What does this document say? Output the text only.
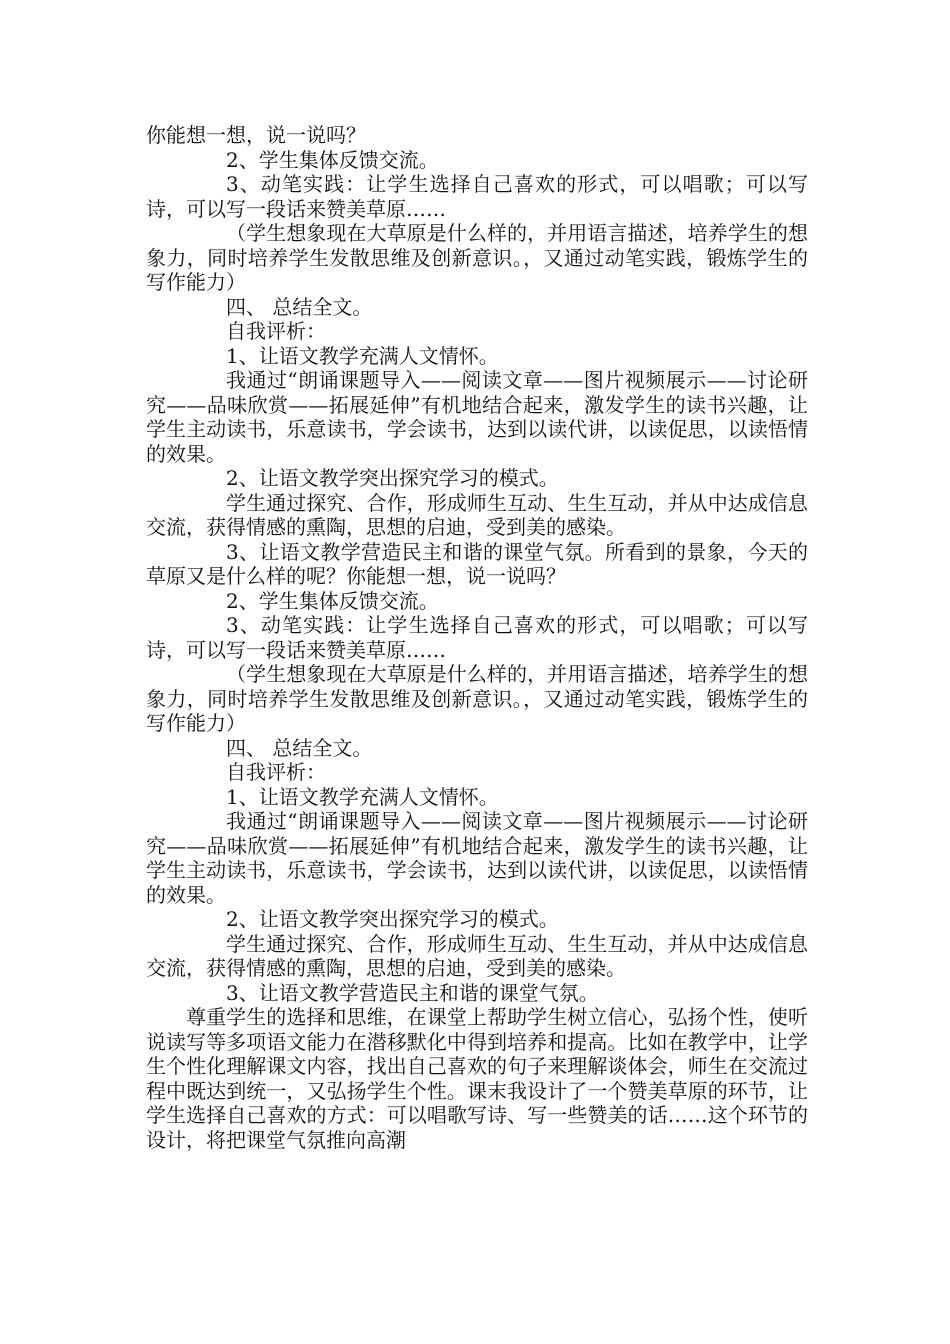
你能想一想，说一说吗？

2、学生集体反馈交流。

3、动笔实践：让学生选择自己喜欢的形式，可以唱歌；可以写诗，可以写一段话来赞美草原……

（学生想象现在大草原是什么样的，并用语言描述，培养学生的想象力，同时培养学生发散思维及创新意识。，又通过动笔实践，锻炼学生的写作能力）

四、 总结全文。

自我评析：

1、让语文教学充满人文情怀。

我通过“朗诵课题导入——阅读文章——图片视频展示——讨论研究——品味欣赏——拓展延伸”有机地结合起来，激发学生的读书兴趣，让学生主动读书，乐意读书，学会读书，达到以读代讲，以读促思，以读悟情的效果。

2、让语文教学突出探究学习的模式。

学生通过探究、合作，形成师生互动、生生互动，并从中达成信息交流，获得情感的熏陶，思想的启迪，受到美的感染。

3、让语文教学营造民主和谐的课堂气氛。所看到的景象，今天的草原又是什么样的呢？你能想一想，说一说吗？

2、学生集体反馈交流。

3、动笔实践：让学生选择自己喜欢的形式，可以唱歌；可以写诗，可以写一段话来赞美草原……

（学生想象现在大草原是什么样的，并用语言描述，培养学生的想象力，同时培养学生发散思维及创新意识。，又通过动笔实践，锻炼学生的写作能力）

四、 总结全文。

自我评析：

1、让语文教学充满人文情怀。

我通过“朗诵课题导入——阅读文章——图片视频展示——讨论研究——品味欣赏——拓展延伸”有机地结合起来，激发学生的读书兴趣，让学生主动读书，乐意读书，学会读书，达到以读代讲，以读促思，以读悟情的效果。

2、让语文教学突出探究学习的模式。

学生通过探究、合作，形成师生互动、生生互动，并从中达成信息交流，获得情感的熏陶，思想的启迪，受到美的感染。

3、让语文教学营造民主和谐的课堂气氛。

尊重学生的选择和思维，在课堂上帮助学生树立信心，弘扬个性，使听说读写等多项语文能力在潜移默化中得到培养和提高。比如在教学中，让学生个性化理解课文内容，找出自己喜欢的句子来理解谈体会，师生在交流过程中既达到统一，又弘扬学生个性。课末我设计了一个赞美草原的环节，让学生选择自己喜欢的方式：可以唱歌写诗、写一些赞美的话……这个环节的设计，将把课堂气氛推向高潮
